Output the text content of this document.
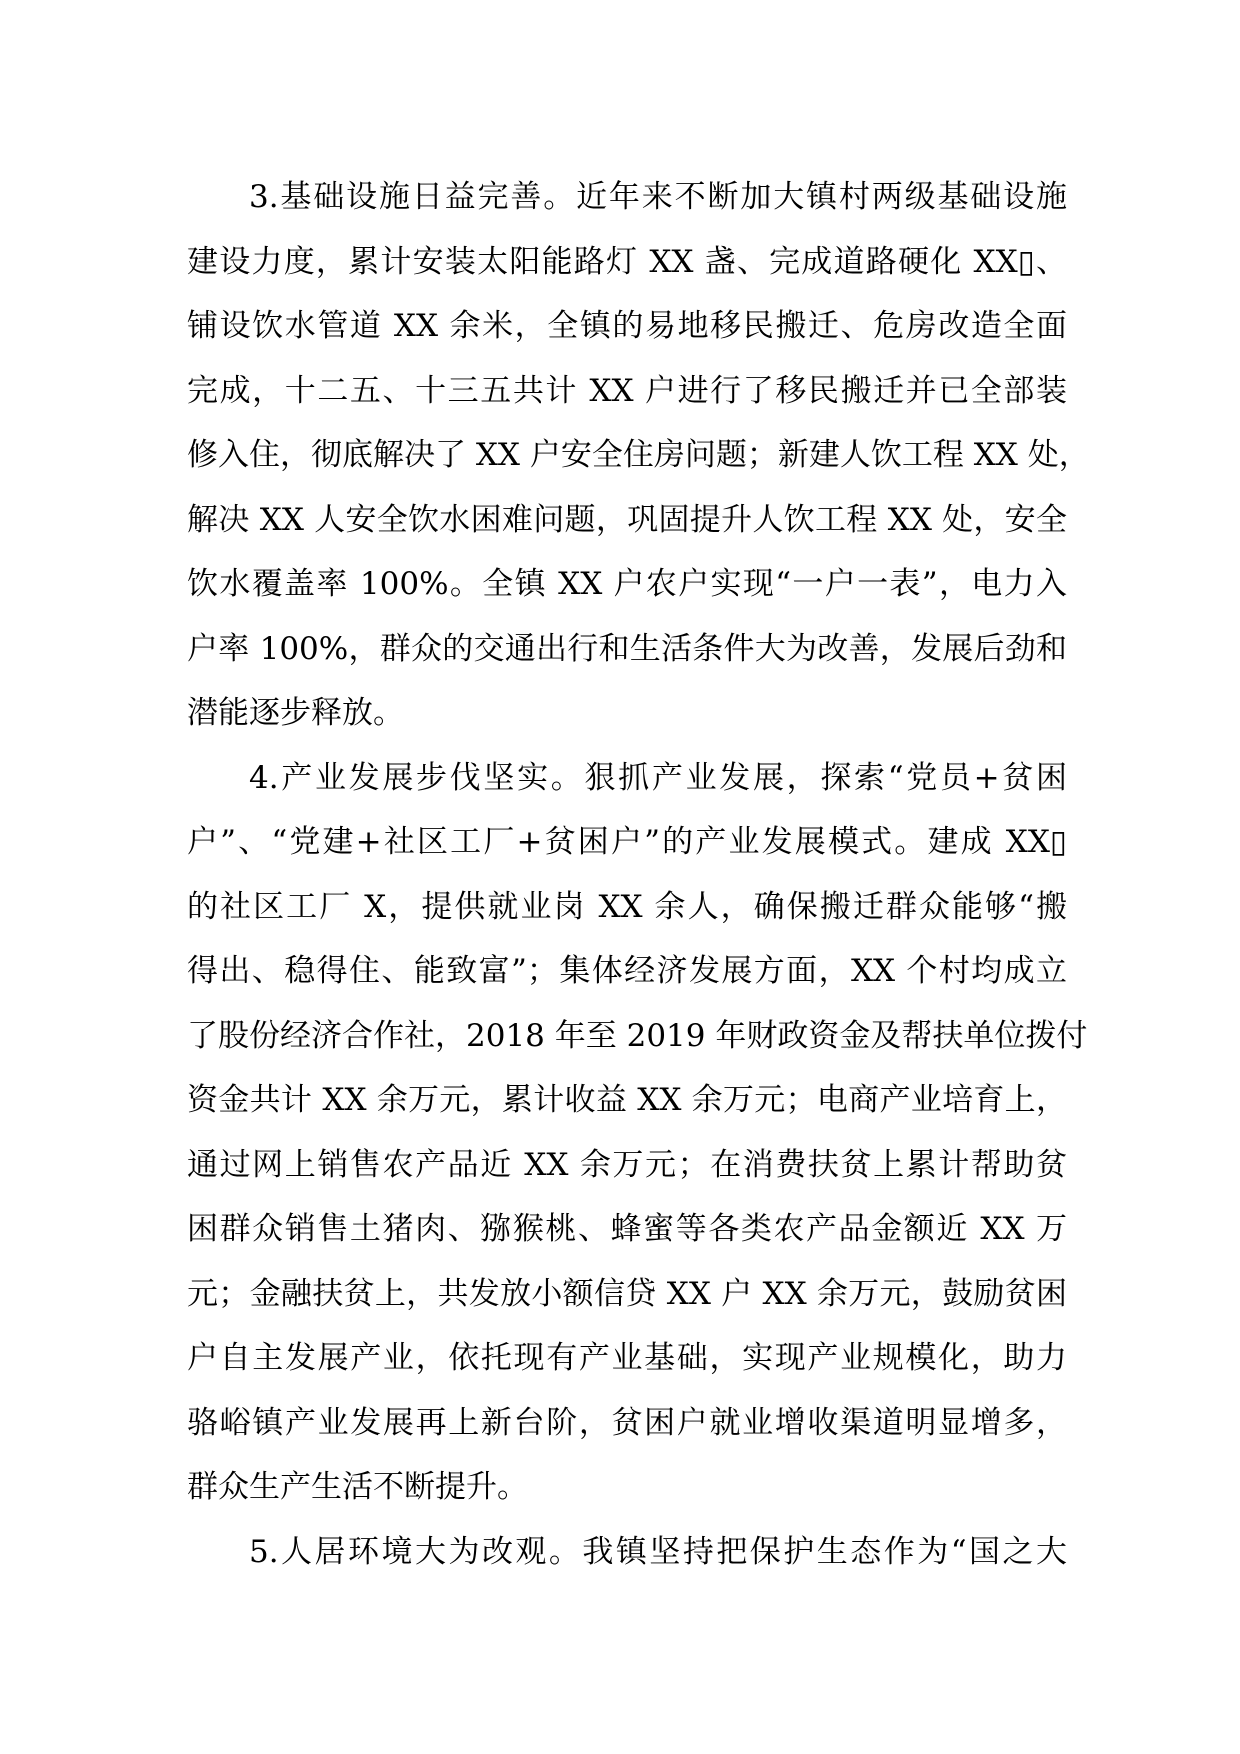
3.基础设施日益完善。近年来不断加大镇村两级基础设施
建设力度，累计安装太阳能路灯 XX 盏、完成道路硬化 XX▯、
铺设饮水管道 XX 余米，全镇的易地移民搬迁、危房改造全面
完成，十二五、十三五共计 XX 户进行了移民搬迁并已全部装
修入住，彻底解决了 XX 户安全住房问题；新建人饮工程 XX 处，
解决 XX 人安全饮水困难问题，巩固提升人饮工程 XX 处，安全
饮水覆盖率 100%。全镇 XX 户农户实现“一户一表”，电力入
户率 100%，群众的交通出行和生活条件大为改善，发展后劲和
潜能逐步释放。
4.产业发展步伐坚实。狠抓产业发展，探索“党员+贫困
户”、“党建+社区工厂+贫困户”的产业发展模式。建成 XX▯
的社区工厂 X，提供就业岗 XX 余人，确保搬迁群众能够“搬
得出、稳得住、能致富”；集体经济发展方面，XX 个村均成立
了股份经济合作社，2018 年至 2019 年财政资金及帮扶单位拨付
资金共计 XX 余万元，累计收益 XX 余万元；电商产业培育上，
通过网上销售农产品近 XX 余万元；在消费扶贫上累计帮助贫
困群众销售土猪肉、猕猴桃、蜂蜜等各类农产品金额近 XX 万
元；金融扶贫上，共发放小额信贷 XX 户 XX 余万元，鼓励贫困
户自主发展产业，依托现有产业基础，实现产业规模化，助力
骆峪镇产业发展再上新台阶，贫困户就业增收渠道明显增多，
群众生产生活不断提升。
5.人居环境大为改观。我镇坚持把保护生态作为“国之大
